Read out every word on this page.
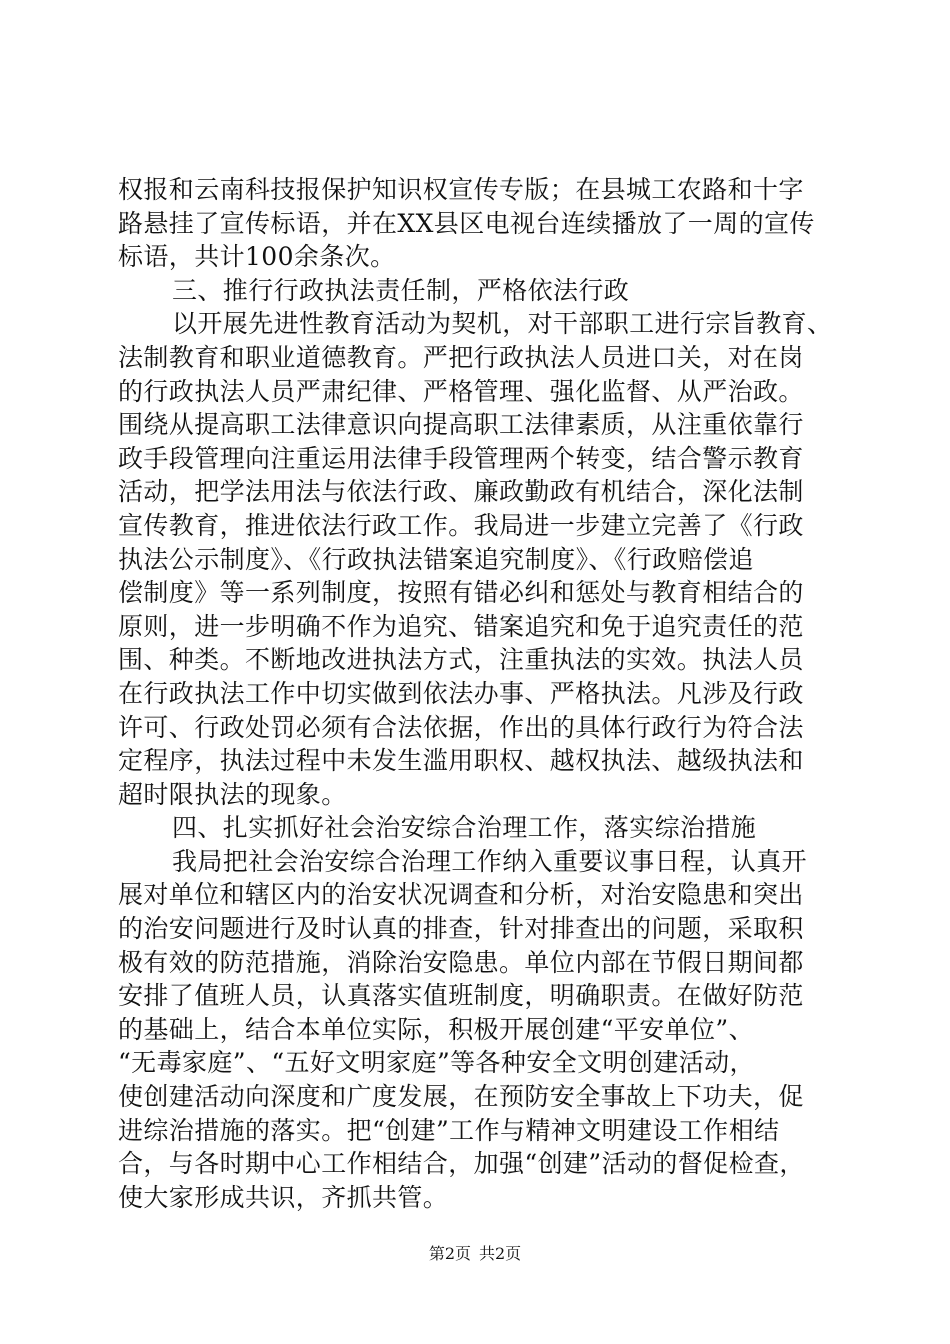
权报和云南科技报保护知识权宣传专版；在县城工农路和十字
路悬挂了宣传标语，并在XX县区电视台连续播放了一周的宣传
标语，共计100余条次。
三、推行行政执法责任制，严格依法行政
以开展先进性教育活动为契机，对干部职工进行宗旨教育、
法制教育和职业道德教育。严把行政执法人员进口关，对在岗
的行政执法人员严肃纪律、严格管理、强化监督、从严治政。
围绕从提高职工法律意识向提高职工法律素质，从注重依靠行
政手段管理向注重运用法律手段管理两个转变，结合警示教育
活动，把学法用法与依法行政、廉政勤政有机结合，深化法制
宣传教育，推进依法行政工作。我局进一步建立完善了《行政
执法公示制度》、《行政执法错案追究制度》、《行政赔偿追
偿制度》等一系列制度，按照有错必纠和惩处与教育相结合的
原则，进一步明确不作为追究、错案追究和免于追究责任的范
围、种类。不断地改进执法方式，注重执法的实效。执法人员
在行政执法工作中切实做到依法办事、严格执法。凡涉及行政
许可、行政处罚必须有合法依据，作出的具体行政行为符合法
定程序，执法过程中未发生滥用职权、越权执法、越级执法和
超时限执法的现象。
四、扎实抓好社会治安综合治理工作，落实综治措施
我局把社会治安综合治理工作纳入重要议事日程，认真开
展对单位和辖区内的治安状况调查和分析，对治安隐患和突出
的治安问题进行及时认真的排查，针对排查出的问题，采取积
极有效的防范措施，消除治安隐患。单位内部在节假日期间都
安排了值班人员，认真落实值班制度，明确职责。在做好防范
的基础上，结合本单位实际，积极开展创建“平安单位”、
“无毒家庭”、“五好文明家庭”等各种安全文明创建活动，
使创建活动向深度和广度发展，在预防安全事故上下功夫，促
进综治措施的落实。把“创建”工作与精神文明建设工作相结
合，与各时期中心工作相结合，加强“创建”活动的督促检查，
使大家形成共识，齐抓共管。
第2页 共2页
